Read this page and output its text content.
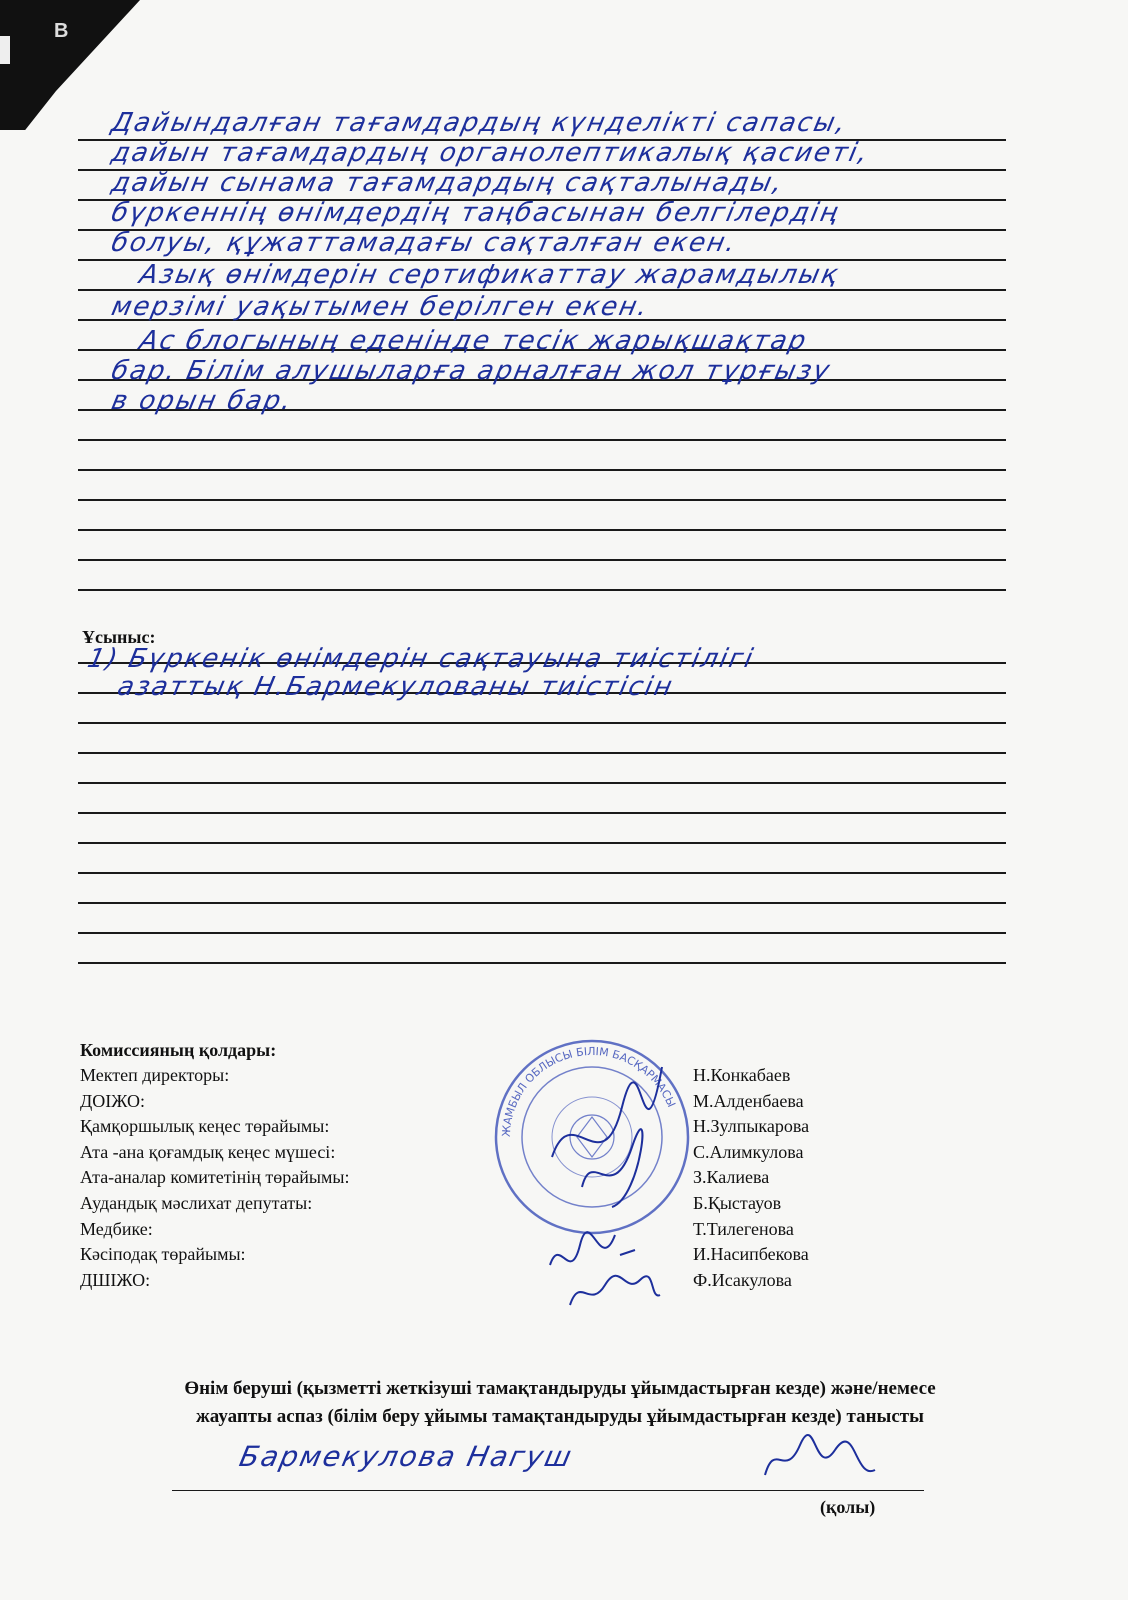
B
Дайындалған тағамдардың күнделікті сапасы,
дайын тағамдардың органолептикалық қасиеті,
дайын сынама тағамдардың сақталынады,
бүркеннің өнімдердің таңбасынан белгілердің
болуы, құжаттамадағы сақталған екен.
Азық өнімдерін сертификаттау жарамдылық
мерзімі уақытымен берілген екен.
Ас блогының еденінде тесік жарықшақтар
бар. Білім алушыларға арналған жол тұрғызу
в орын бар.
Ұсыныс:
1) Бүркенік өнімдерін сақтауына тиістілігі
азаттық Н.Бармекулованы тиістісін
Комиссияның қолдары:
Мектеп директоры:
ДОІЖО:
Қамқоршылық кеңес төрайымы:
Ата -ана қоғамдық кеңес мүшесі:
Ата-аналар комитетінің төрайымы:
Аудандық мәслихат депутаты:
Медбике:
Кәсіподақ төрайымы:
ДШІЖО:
Н.Конкабаев
М.Алденбаева
Н.Зулпыкарова
С.Алимкулова
З.Калиева
Б.Қыстауов
Т.Тилегенова
И.Насипбекова
Ф.Исакулова
ЖАМБЫЛ ОБЛЫСЫ БІЛІМ БАСҚАРМАСЫ
Өнім беруші (қызметті жеткізуші тамақтандыруды ұйымдастырған кезде) және/немесе
жауапты аспаз (білім беру ұйымы тамақтандыруды ұйымдастырған кезде) танысты
Бармекулова Нагуш
(қолы)
